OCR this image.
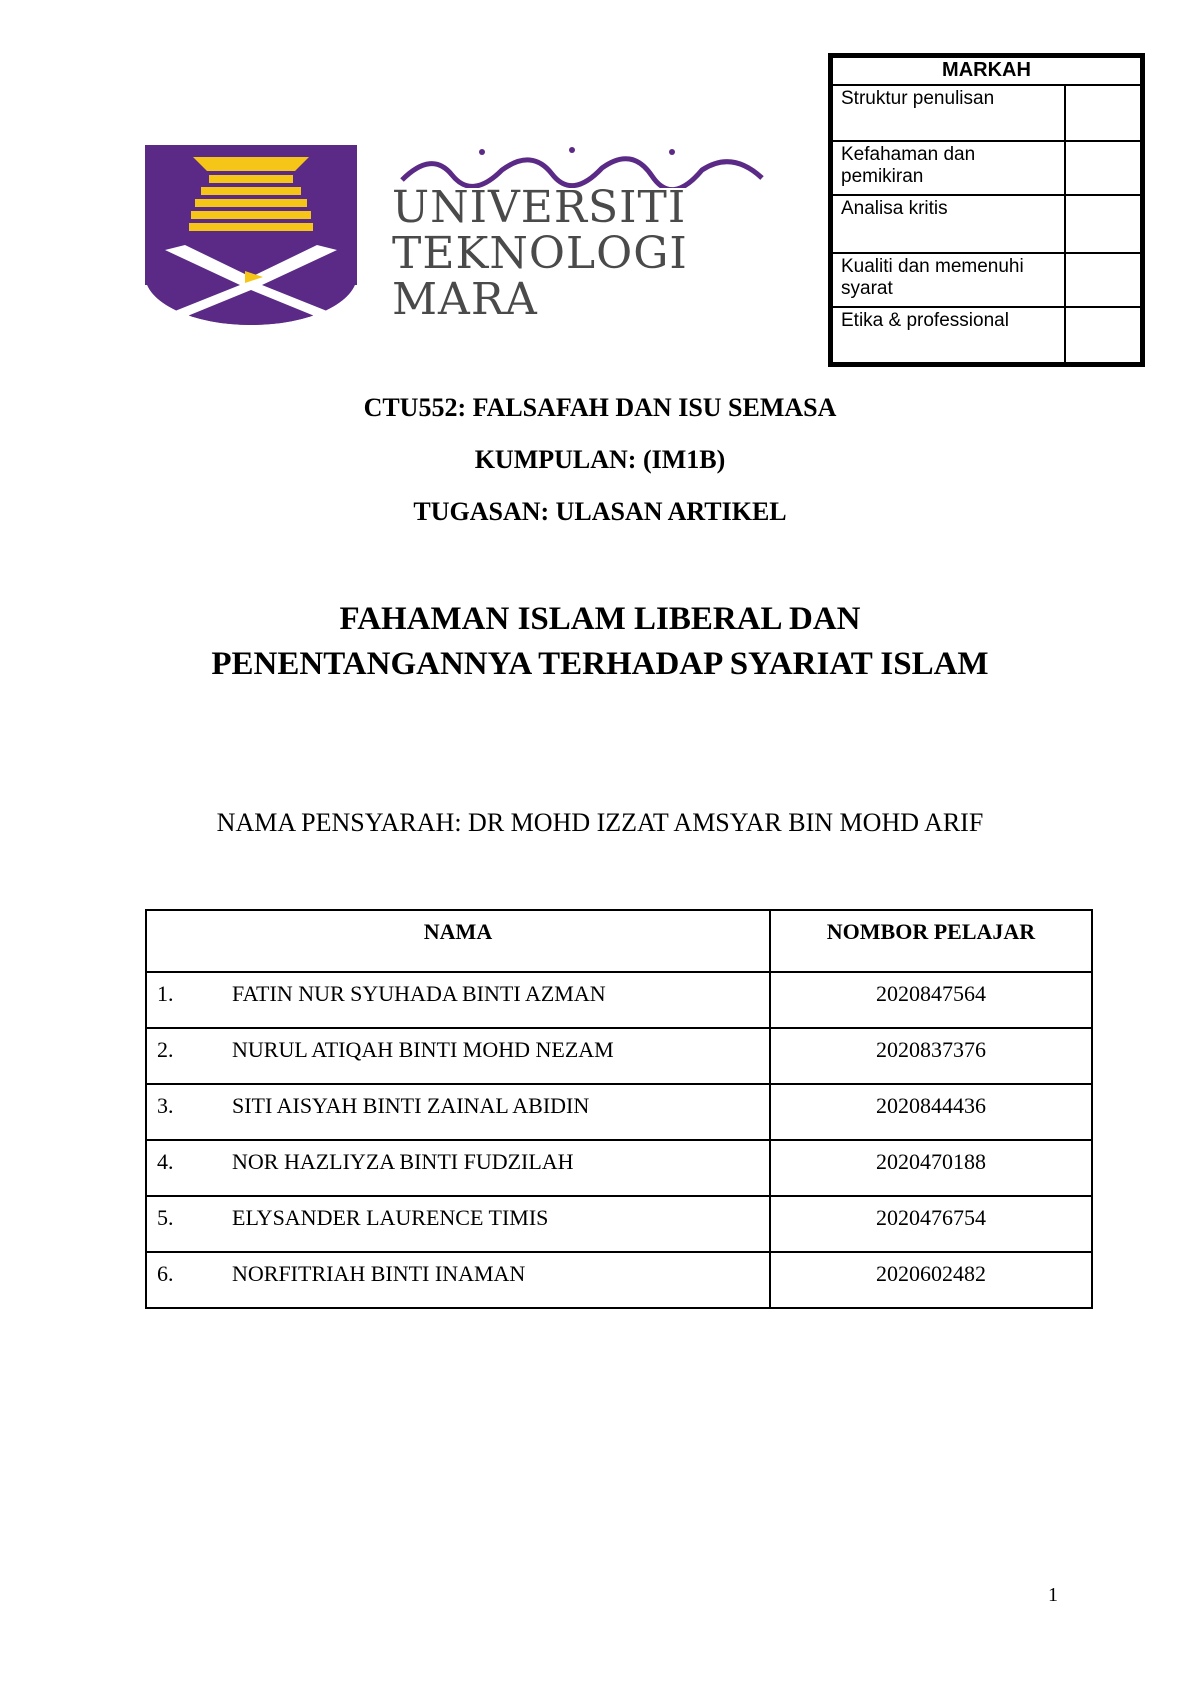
MARKAH	
Struktur penulisan	
Kefahaman dan pemikiran	
Analisa kritis	
Kualiti dan memenuhi syarat	
Etika & professional	
UNIVERSITI
TEKNOLOGI
MARA
CTU552: FALSAFAH DAN ISU SEMASA
KUMPULAN: (IM1B)
TUGASAN: ULASAN ARTIKEL
FAHAMAN ISLAM LIBERAL DAN
PENENTANGANNYA TERHADAP SYARIAT ISLAM
NAMA PENSYARAH: DR MOHD IZZAT AMSYAR BIN MOHD ARIF
NAMA	NOMBOR PELAJAR
1. FATIN NUR SYUHADA BINTI AZMAN	2020847564
2. NURUL ATIQAH BINTI MOHD NEZAM	2020837376
3. SITI AISYAH BINTI ZAINAL ABIDIN	2020844436
4. NOR HAZLIYZA BINTI FUDZILAH	2020470188
5. ELYSANDER LAURENCE TIMIS	2020476754
6. NORFITRIAH BINTI INAMAN	2020602482
1
